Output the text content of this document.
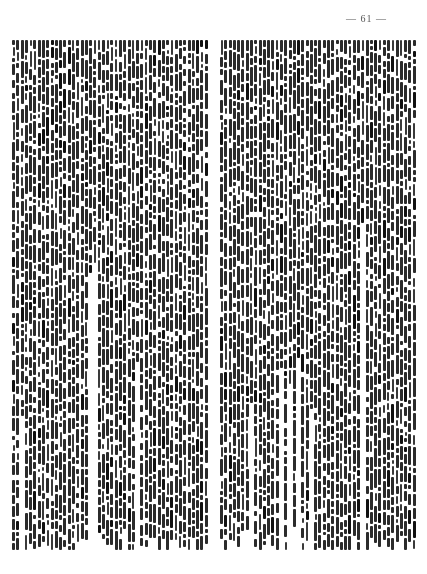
— 61 —
